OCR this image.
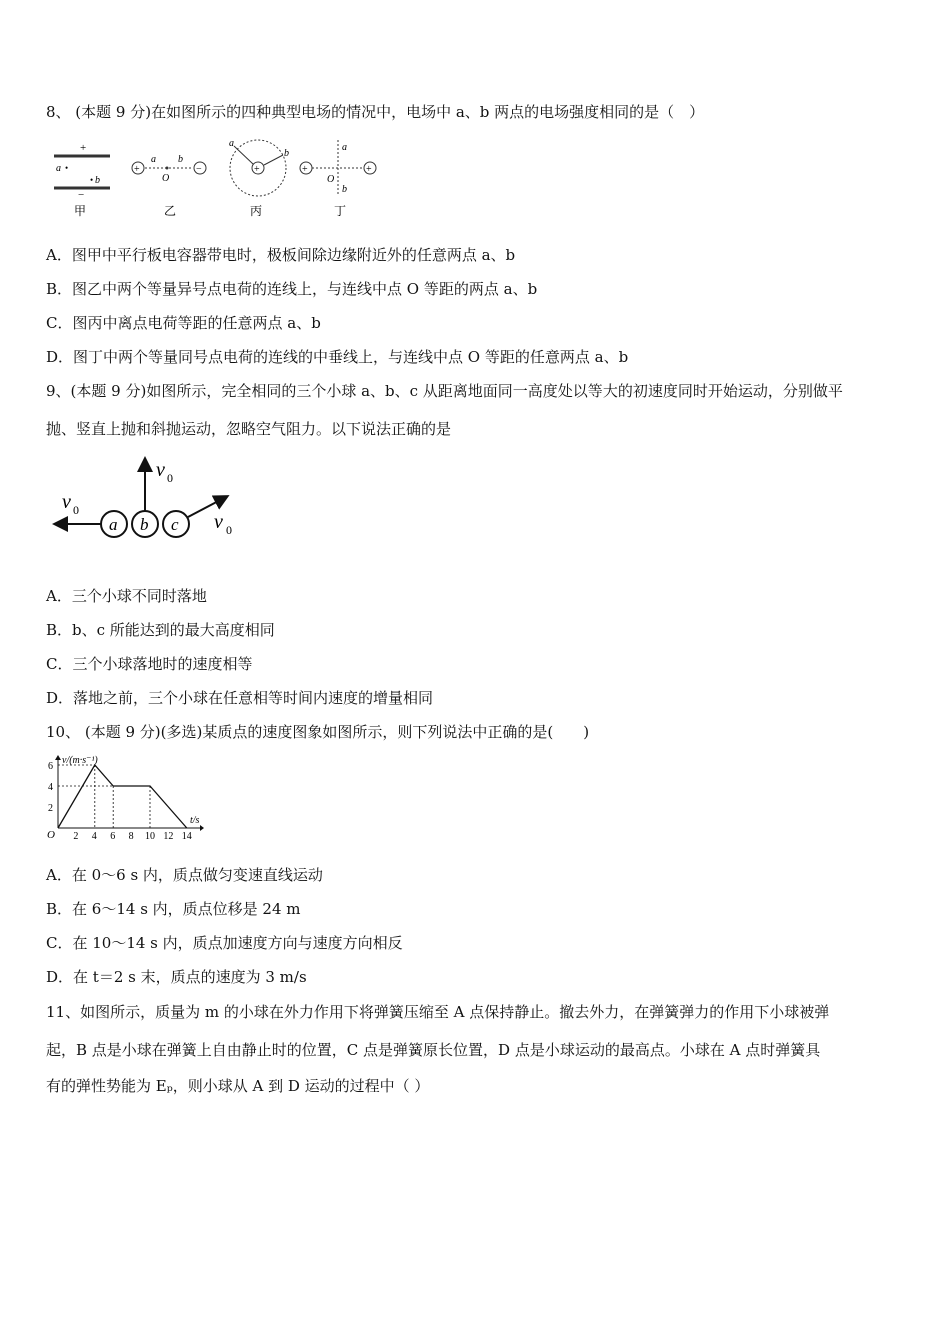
8、 (本题 9 分)在如图所示的四种典型电场的情况中，电场中 a、b 两点的电场强度相同的是（　）
+
a •
• b
−
甲
+
a b
O
−
乙
+
a
b
丙
+	+
a
b
O
丁
A．图甲中平行板电容器带电时，极板间除边缘附近外的任意两点 a、b
B．图乙中两个等量异号点电荷的连线上，与连线中点 O 等距的两点 a、b
C．图丙中离点电荷等距的任意两点 a、b
D．图丁中两个等量同号点电荷的连线的中垂线上，与连线中点 O 等距的任意两点 a、b
9、(本题 9 分)如图所示，完全相同的三个小球 a、b、c 从距离地面同一高度处以等大的初速度同时开始运动，分别做平
抛、竖直上抛和斜抛运动，忽略空气阻力。以下说法正确的是
a b c
v 0
v 0
v 0
A．三个小球不同时落地
B．b、c 所能达到的最大高度相同
C．三个小球落地时的速度相等
D．落地之前，三个小球在任意相等时间内速度的增量相同
10、 (本题 9 分)(多选)某质点的速度图象如图所示，则下列说法中正确的是(　　)
v/(m·s⁻¹)
t/s
O 2 4 6 8 10 12 14
2
4
6
A．在 0～6 s 内，质点做匀变速直线运动
B．在 6～14 s 内，质点位移是 24 m
C．在 10～14 s 内，质点加速度方向与速度方向相反
D．在 t＝2 s 末，质点的速度为 3 m/s
11、如图所示，质量为 m 的小球在外力作用下将弹簧压缩至 A 点保持静止。撤去外力，在弹簧弹力的作用下小球被弹
起，B 点是小球在弹簧上自由静止时的位置，C 点是弹簧原长位置，D 点是小球运动的最高点。小球在 A 点时弹簧具
有的弹性势能为 Eₚ，则小球从 A 到 D 运动的过程中（ ）
